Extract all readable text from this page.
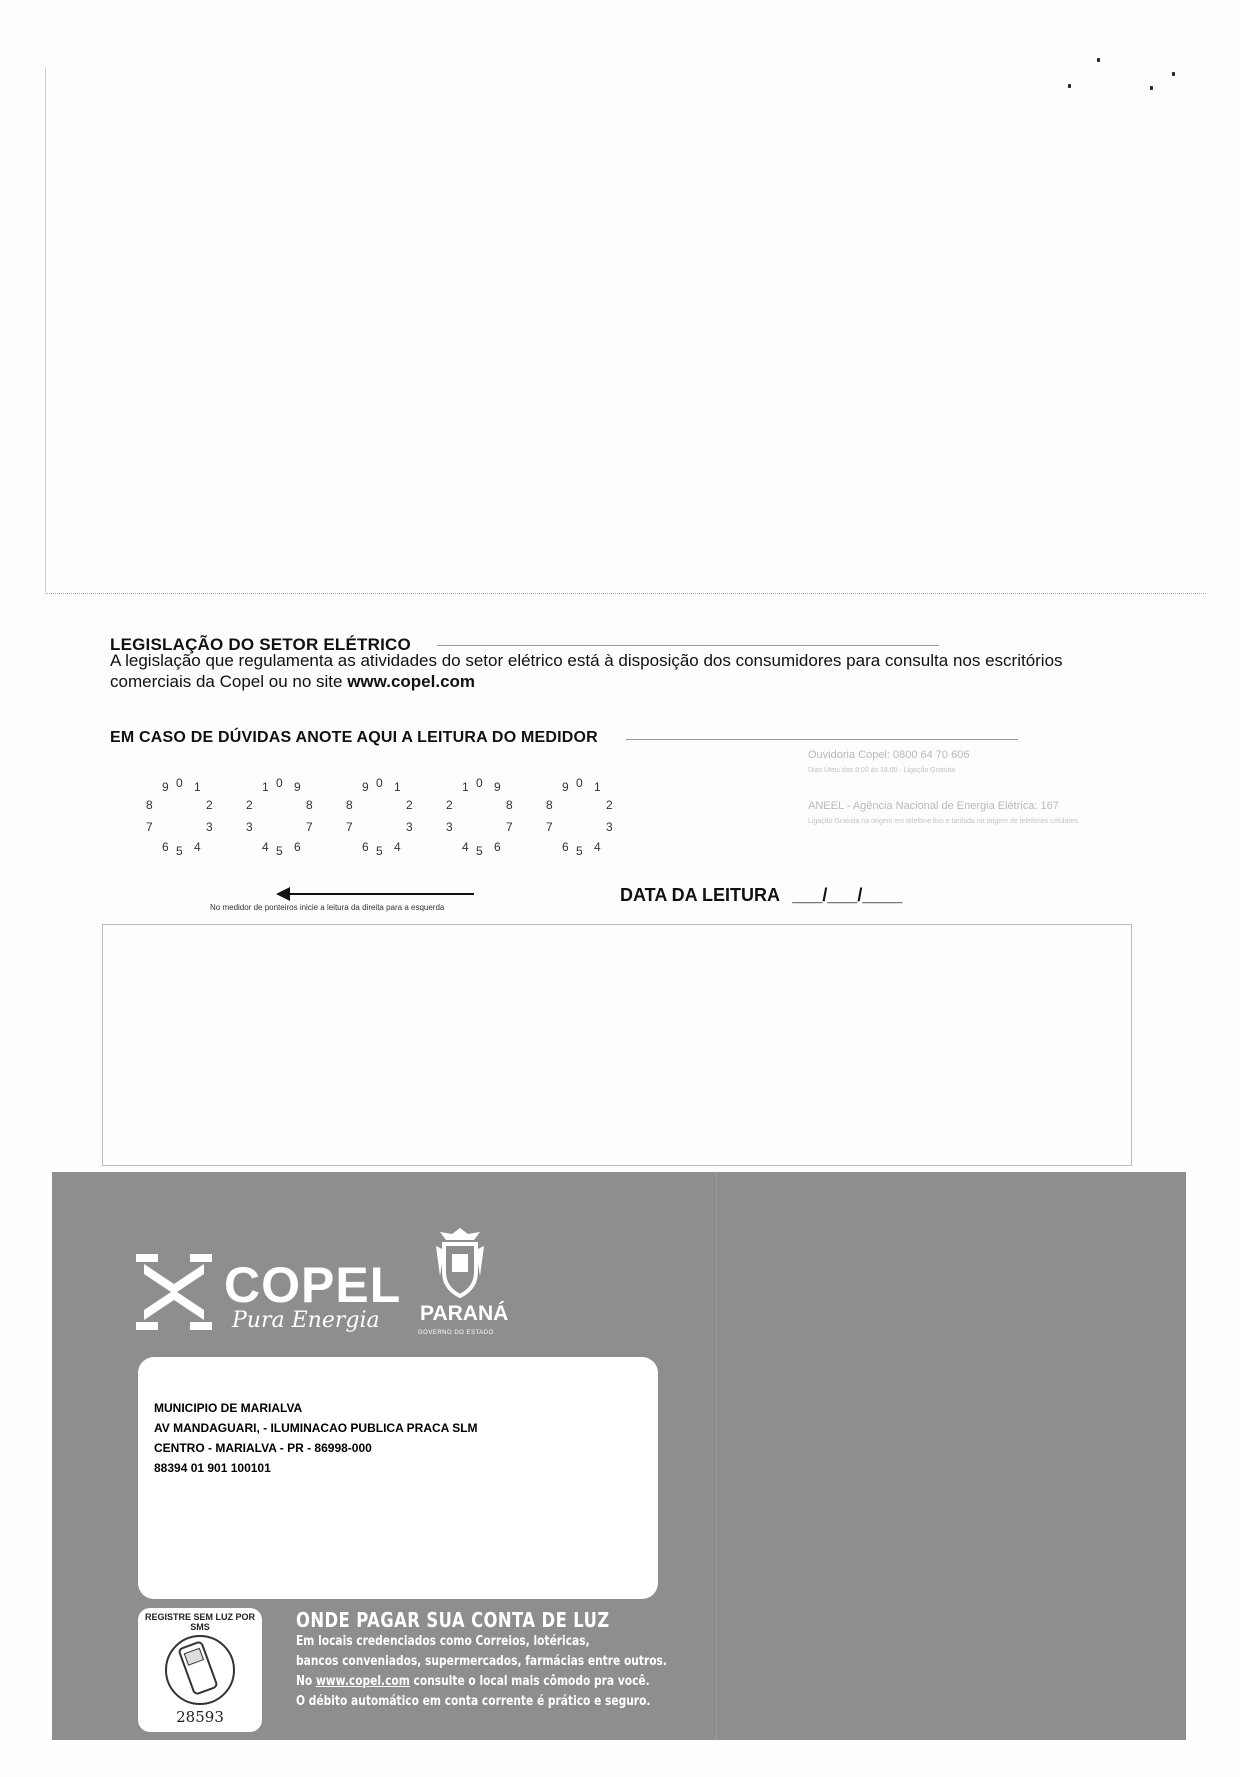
LEGISLAÇÃO DO SETOR ELÉTRICO
A legislação que regulamenta as atividades do setor elétrico está à disposição dos consumidores para consulta nos escritórios comerciais da Copel ou no site www.copel.com
EM CASO DE DÚVIDAS ANOTE AQUI A LEITURA DO MEDIDOR
9 0 1
8	2
7	3
6 5 4
1 0 9
2	8
3	7
4 5 6
9 0 1
8	2
7	3
6 5 4
1 0 9
2	8
3	7
4 5 6
9 0 1
8	2
7	3
6 5 4
No medidor de ponteiros inicie a leitura da direita para a esquerda
DATA DA LEITURA ___/___/____
Ouvidoria Copel: 0800 64 70 606
Dias Úteis das 8:00 às 18:00 - Ligação Gratuita
ANEEL - Agência Nacional de Energia Elétrica: 167
Ligação Gratuita na origem em telefone fixo e tarifada na origem de telefones celulares
COPEL
Pura Energia PARANÁ
GOVERNO DO ESTADO
MUNICIPIO DE MARIALVA
AV MANDAGUARI, - ILUMINACAO PUBLICA PRACA SLM
CENTRO - MARIALVA - PR - 86998-000
88394 01 901 100101
REGISTRE SEM LUZ POR SMS
28593
ONDE PAGAR SUA CONTA DE LUZ
Em locais credenciados como Correios, lotéricas,
bancos conveniados, supermercados, farmácias entre outros.
No www.copel.com consulte o local mais cômodo pra você.
O débito automático em conta corrente é prático e seguro.
